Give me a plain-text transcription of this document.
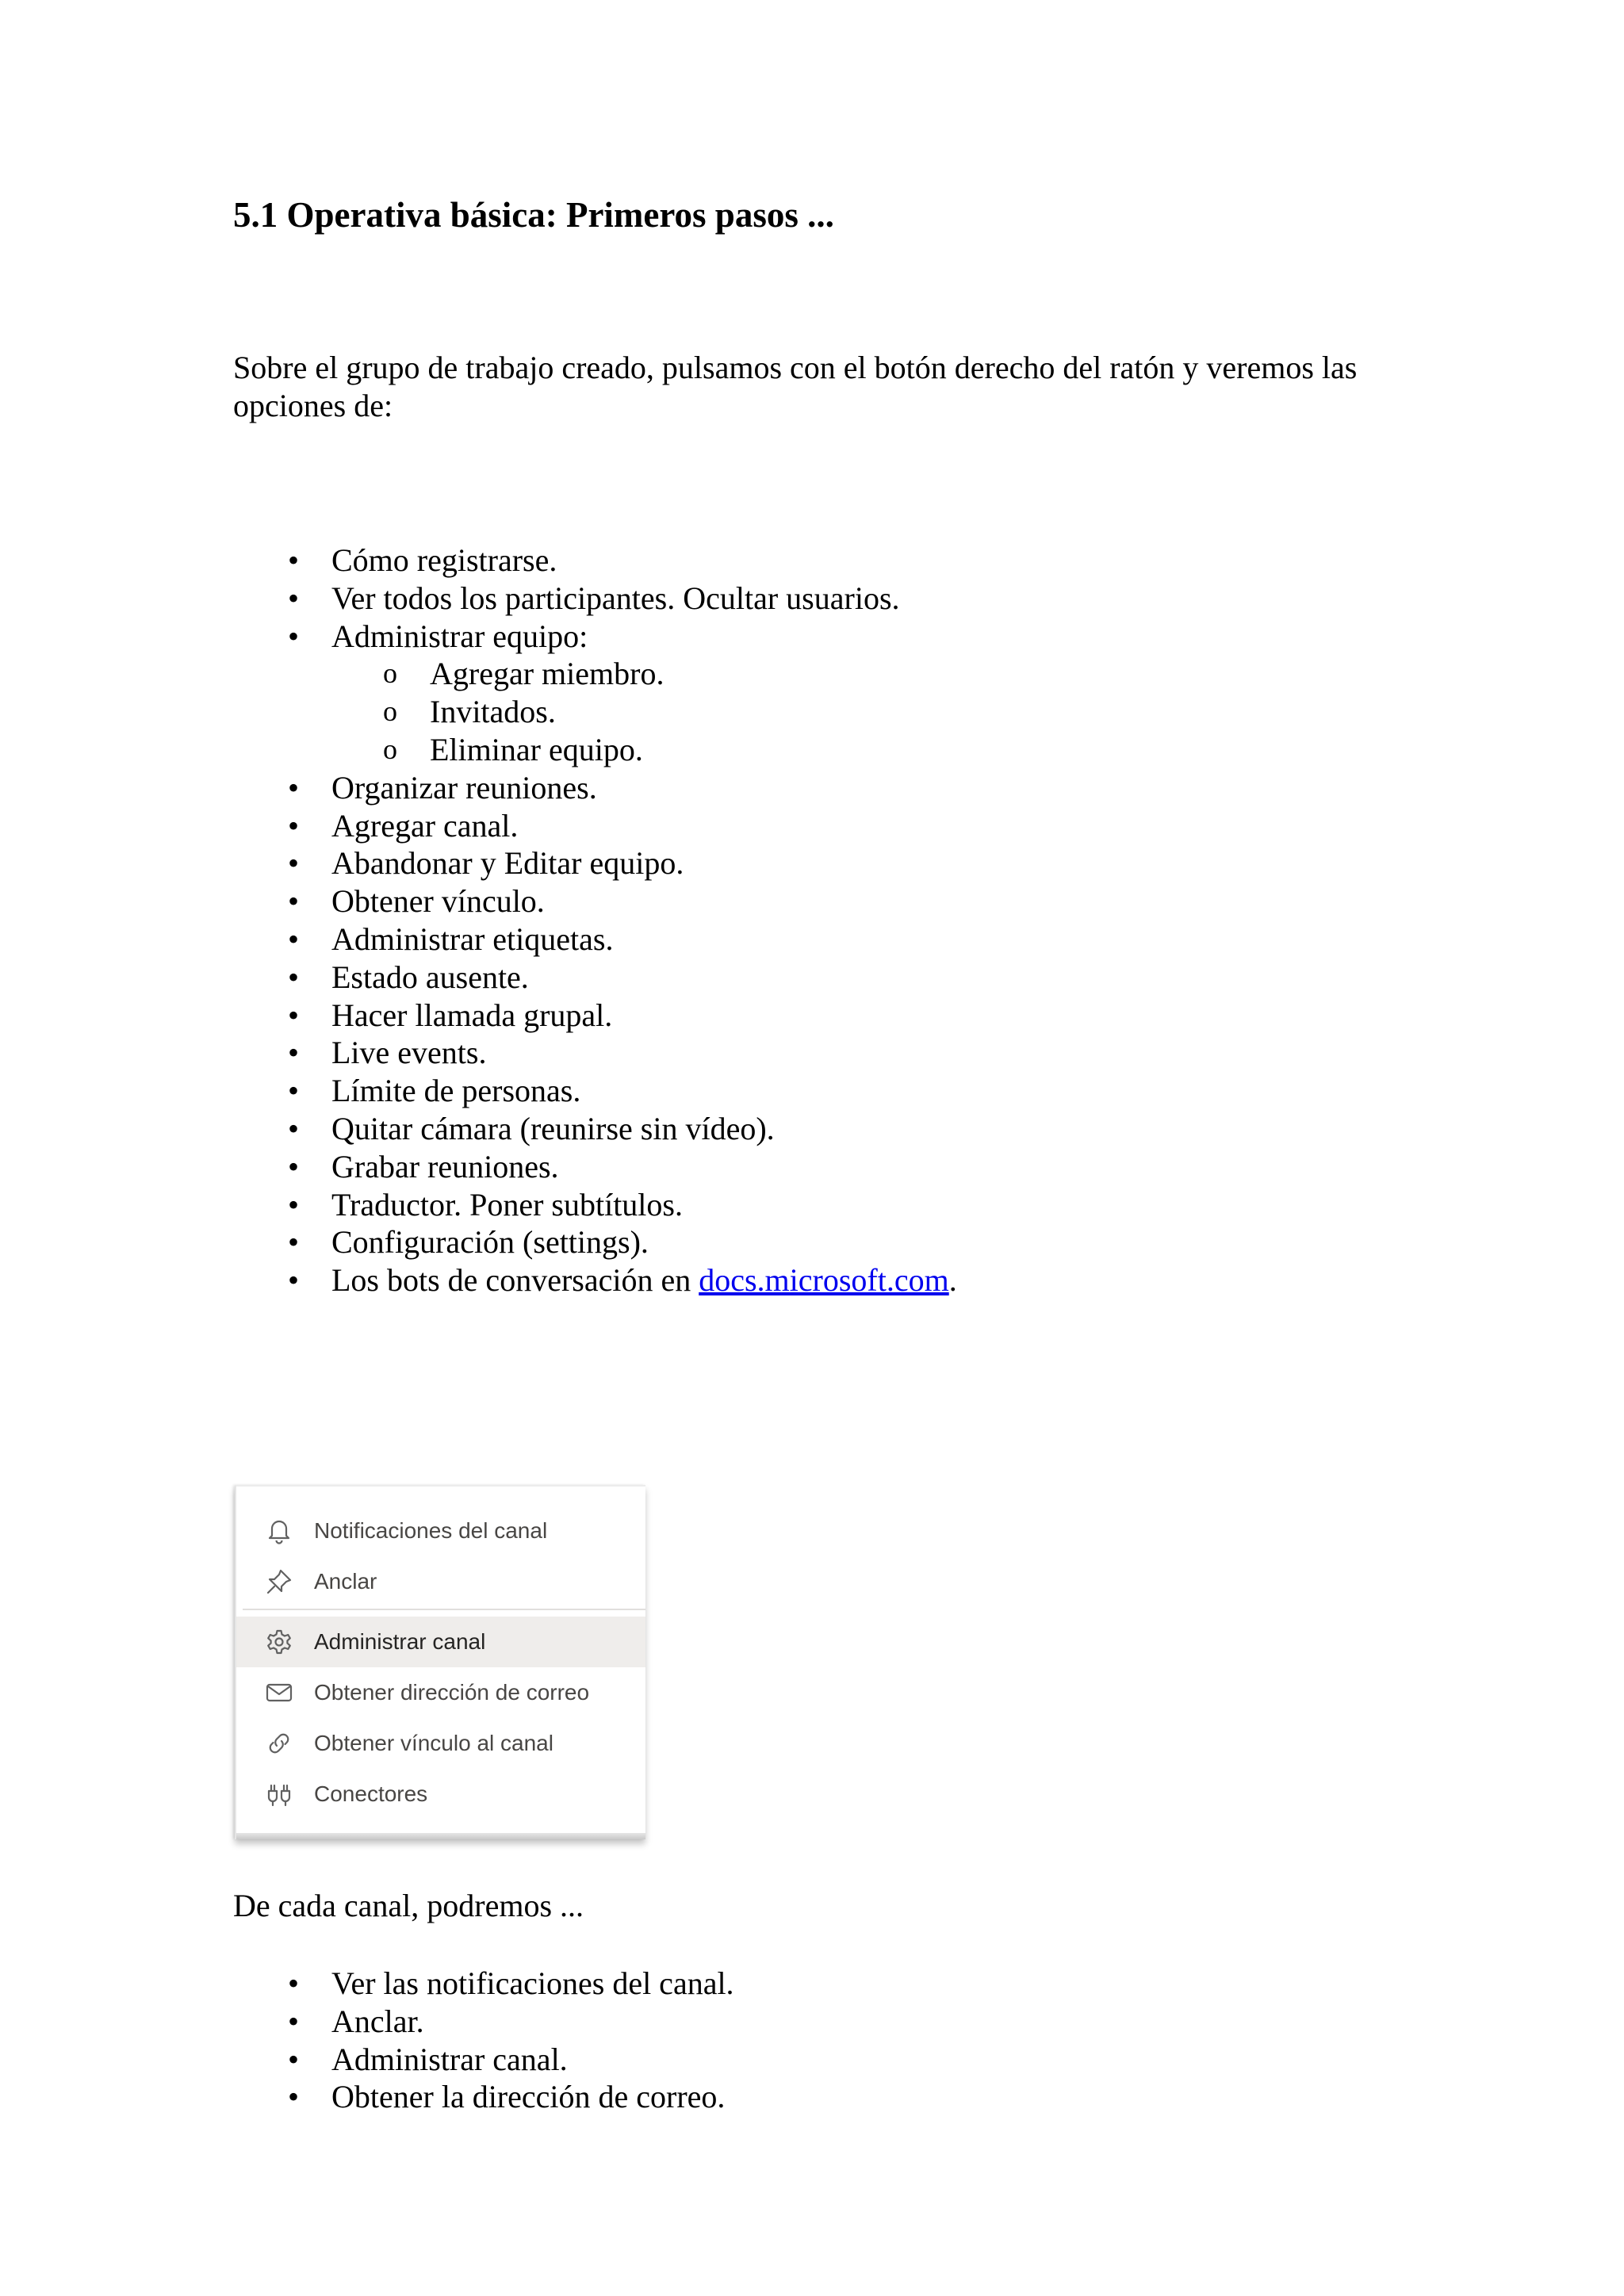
5.1 Operativa básica: Primeros pasos ...

Sobre el grupo de trabajo creado, pulsamos con el botón derecho del ratón y veremos las opciones de:

• Cómo registrarse.
• Ver todos los participantes. Ocultar usuarios.
• Administrar equipo:
o Agregar miembro.
o Invitados.
o Eliminar equipo.
• Organizar reuniones.
• Agregar canal.
• Abandonar y Editar equipo.
• Obtener vínculo.
• Administrar etiquetas.
• Estado ausente.
• Hacer llamada grupal.
• Live events.
• Límite de personas.
• Quitar cámara (reunirse sin vídeo).
• Grabar reuniones.
• Traductor. Poner subtítulos.
• Configuración (settings).
• Los bots de conversación en docs.microsoft.com.
Notificaciones del canal
Anclar
Administrar canal
Obtener dirección de correo
Obtener vínculo al canal
Conectores

De cada canal, podremos ...

• Ver las notificaciones del canal.
• Anclar.
• Administrar canal.
• Obtener la dirección de correo.
